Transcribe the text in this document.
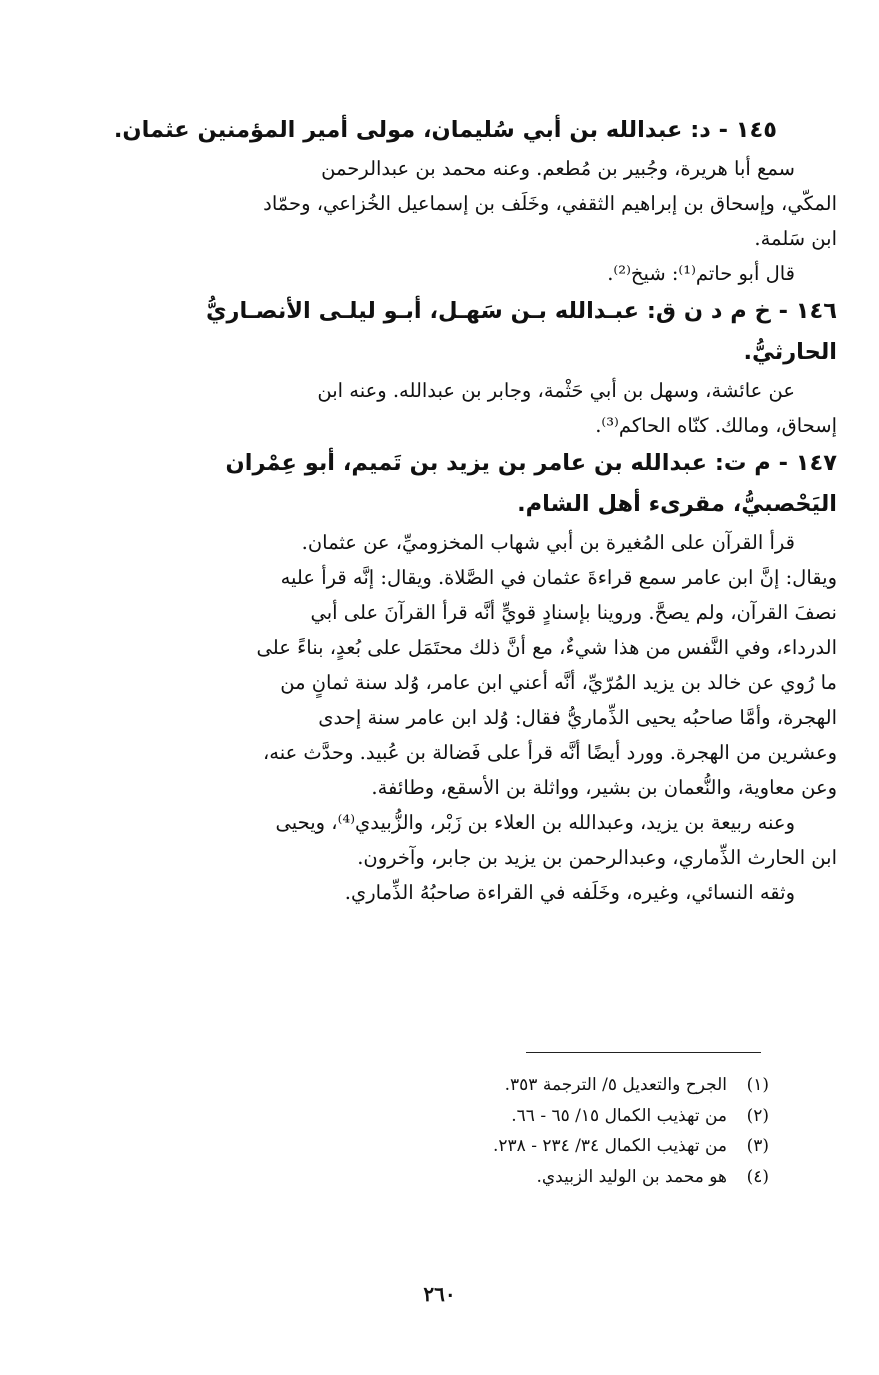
١٤٥ - د: عبدالله بن أبي سُليمان، مولى أمير المؤمنين عثمان.

سمع أبا هريرة، وجُبير بن مُطعم. وعنه محمد بن عبدالرحمن
المكّي، وإسحاق بن إبراهيم الثقفي، وخَلَف بن إسماعيل الخُزاعي، وحمّاد
ابن سَلمة.

قال أبو حاتم⁽¹⁾: شيخ⁽²⁾.

١٤٦ - خ م د ن ق: عبـدالله بـن سَهـل، أبـو ليلـى الأنصـاريُّ
الحارثيُّ.

عن عائشة، وسهل بن أبي حَثْمة، وجابر بن عبدالله. وعنه ابن
إسحاق، ومالك. كنّاه الحاكم⁽³⁾.

١٤٧ - م ت: عبدالله بن عامر بن يزيد بن تَميم، أبو عِمْران
اليَحْصبيُّ، مقرىء أهل الشام.

قرأ القرآن على المُغيرة بن أبي شهاب المخزوميِّ، عن عثمان.
ويقال: إنَّ ابن عامر سمع قراءةَ عثمان في الصَّلاة. ويقال: إنَّه قرأ عليه
نصفَ القرآن، ولم يصحَّ. وروينا بإسنادٍ قويٍّ أنَّه قرأ القرآنَ على أبي
الدرداء، وفي النَّفس من هذا شيءٌ، مع أنَّ ذلك محتَمَل على بُعدٍ، بناءً على
ما رُوي عن خالد بن يزيد المُرّيِّ، أنَّه أعني ابن عامر، وُلد سنة ثمانٍ من
الهجرة، وأمَّا صاحبُه يحيى الذِّماريُّ فقال: وُلد ابن عامر سنة إحدى
وعشرين من الهجرة. وورد أيضًا أنَّه قرأ على فَضالة بن عُبيد. وحدَّث عنه،
وعن معاوية، والنُّعمان بن بشير، وواثلة بن الأسقع، وطائفة.

وعنه ربيعة بن يزيد، وعبدالله بن العلاء بن زَبْر، والزُّبيدي⁽⁴⁾، ويحيى
ابن الحارث الذِّماري، وعبدالرحمن بن يزيد بن جابر، وآخرون.

وثقه النسائي، وغيره، وخَلَفه في القراءة صاحبُهُ الذِّماري.

(١)
الجرح والتعديل ٥/ الترجمة ٣٥٣.
(٢)
من تهذيب الكمال ١٥/ ٦٥ - ٦٦.
(٣)
من تهذيب الكمال ٣٤/ ٢٣٤ - ٢٣٨.
(٤)
هو محمد بن الوليد الزبيدي.
٢٦٠
